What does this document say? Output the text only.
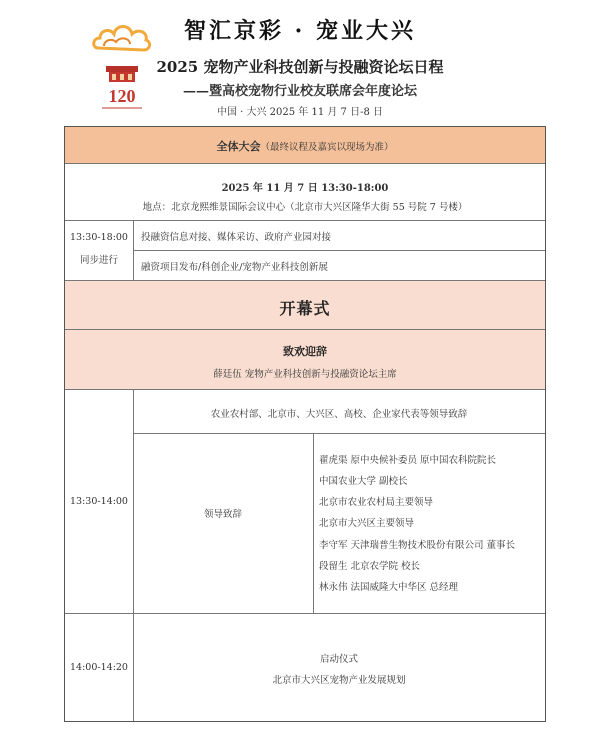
120
智汇京彩 · 宠业大兴
2025 宠物产业科技创新与投融资论坛日程
——暨高校宠物行业校友联席会年度论坛
中国 · 大兴 2025 年 11 月 7 日-8 日
全体大会（最终议程及嘉宾以现场为准）
2025 年 11 月 7 日 13:30-18:00
地点：北京龙熙维景国际会议中心（北京市大兴区隆华大街 55 号院 7 号楼）
13:30-18:00
同步进行
投融资信息对接、媒体采访、政府产业园对接
融资项目发布/科创企业/宠物产业科技创新展
开幕式
致欢迎辞
薛廷伍 宠物产业科技创新与投融资论坛主席
13:30-14:00
农业农村部、北京市、大兴区、高校、企业家代表等领导致辞
领导致辞
翟虎渠 原中央候补委员 原中国农科院院长
中国农业大学 副校长
北京市农业农村局主要领导
北京市大兴区主要领导
李守军 天津瑞普生物技术股份有限公司 董事长
段留生 北京农学院 校长
林永伟 法国威隆大中华区 总经理
14:00-14:20
启动仪式
北京市大兴区宠物产业发展规划
